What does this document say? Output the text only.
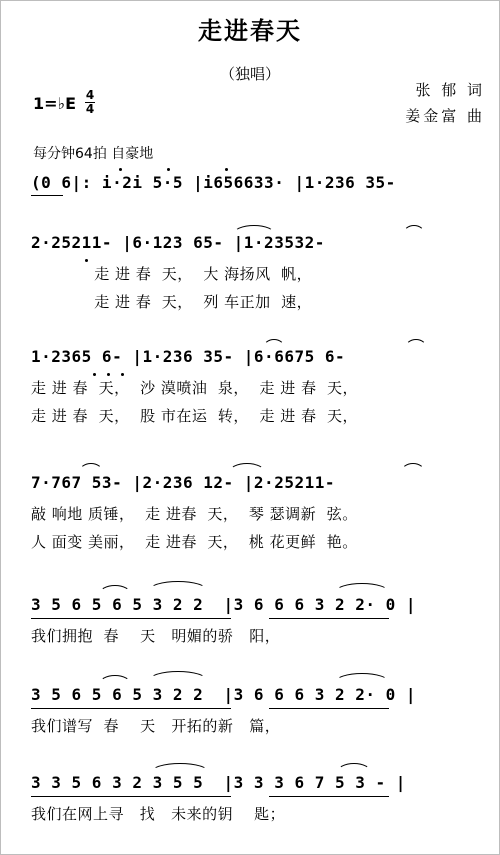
走进春天
（独唱）
张 郁 词
姜金富 曲
1=♭E 4
4
每分钟64拍 自豪地
(0 6|: i·2i 5·5 |i656633· |1·236 35-
2·25211- |6·123 65- |1·23532-
走 进 春  天，  大 海扬风  帆，
走 进 春  天，  列 车正加  速，
1·2365 6- |1·236 35- |6·6675 6-
走 进 春  天，  沙 漠喷油  泉，  走 进 春  天，
走 进 春  天，  股 市在运  转，  走 进 春  天，
7·767 53- |2·236 12- |2·25211-
敲 响地 质锤，  走 进春  天，  琴 瑟调新  弦。
人 面变 美丽，  走 进春  天，  桃 花更鲜  艳。
3 5 6 5 6 5 3 2 2  |3 6 6 6 3 2 2· 0 |
我们拥抱  春    天   明媚的骄   阳，
3 5 6 5 6 5 3 2 2  |3 6 6 6 3 2 2· 0 |
我们谱写  春    天   开拓的新   篇，
3 3 5 6 3 2 3 5 5  |3 3 3 6 7 5 3 - |
我们在网上寻   找   未来的钥    匙；
